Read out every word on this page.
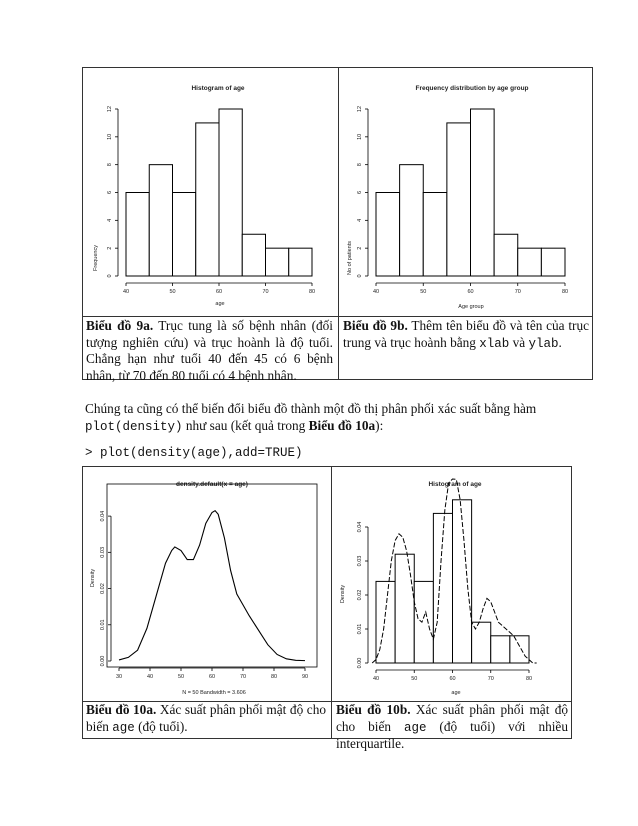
Histogram of age
Frequency
age
40	50	60	70	80
0
2
4
6
8
10
12
Frequency distribution by age group
No of patients
Age group
40	50	60	70	80
0
2
4
6
8
10
12
Biểu đồ 9a. Trục tung là số bệnh nhân (đối tượng nghiên cứu) và trục hoành là độ tuổi. Chẳng hạn như tuổi 40 đến 45 có 6 bệnh nhân, từ 70 đến 80 tuổi có 4 bệnh nhân.
Biểu đồ 9b. Thêm tên biểu đồ và tên của trục trung và trục hoành bằng xlab và ylab.
Chúng ta cũng có thể biến đổi biểu đồ thành một đồ thị phân phối xác suất bằng hàm plot(density) như sau (kết quả trong Biểu đồ 10a):
> plot(density(age),add=TRUE)
density.default(x = age)
Density
N = 50 Bandwidth = 3.606
30	40	50	60	70	80	90
0.00
0.01
0.02
0.03
0.04
Histogram of age
Density
age
40	50	60	70	80
0.00
0.01
0.02
0.03
0.04
Biểu đồ 10a. Xác suất phân phối mật độ cho biến age (độ tuổi).
Biểu đồ 10b. Xác suất phân phối mật độ cho biến age (độ tuổi) với nhiều interquartile.
